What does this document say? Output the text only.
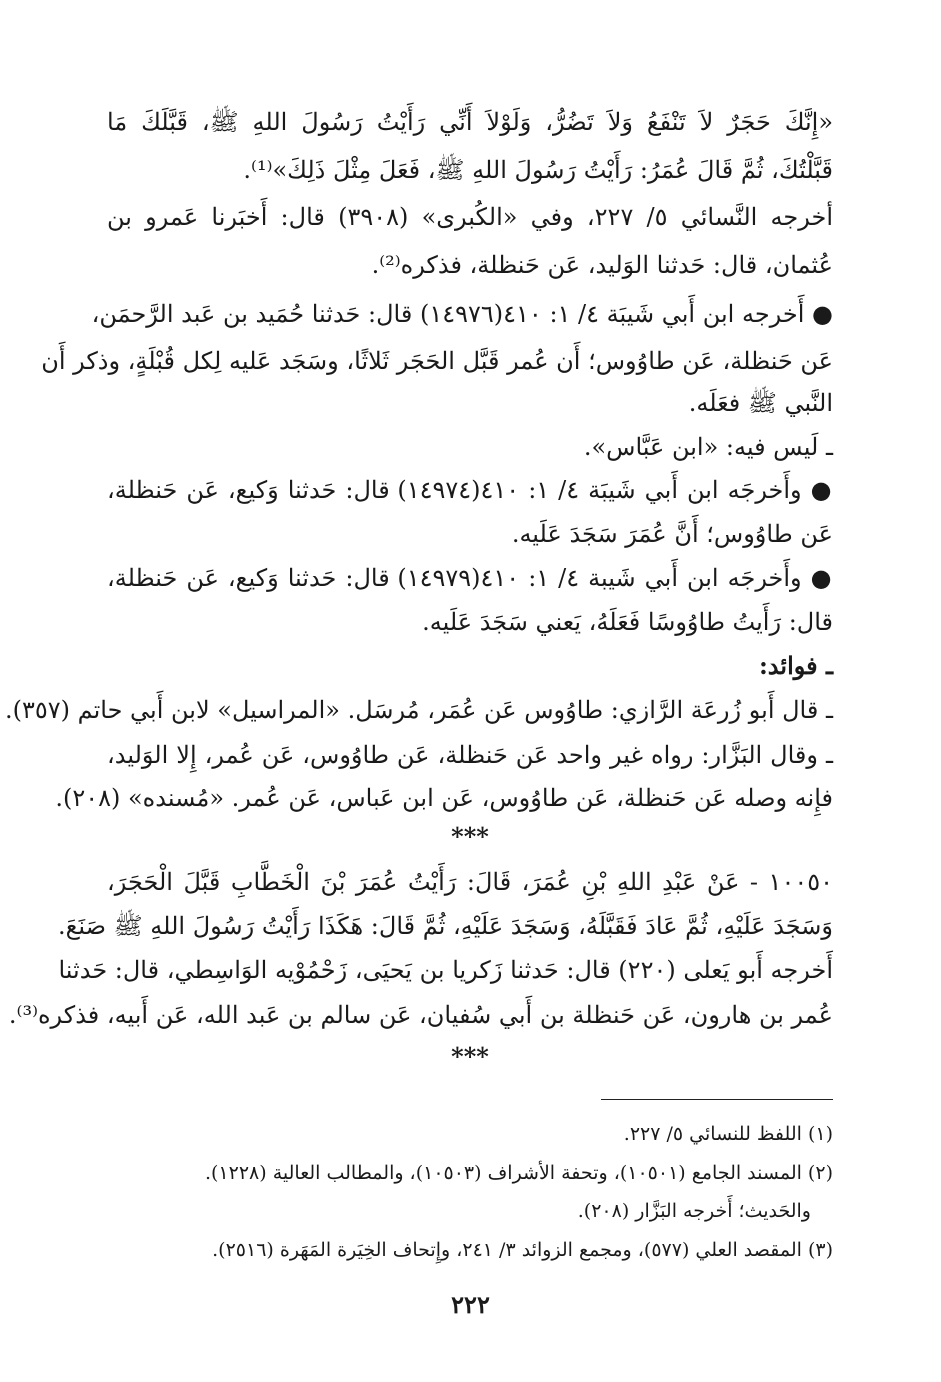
«إِنَّكَ حَجَرٌ لاَ تَنْفَعُ وَلاَ تَضُرُّ، وَلَوْلاَ أَنِّي رَأَيْتُ رَسُولَ اللهِ ﷺ، قَبَّلَكَ مَا
قَبَّلْتُكَ، ثُمَّ قَالَ عُمَرُ: رَأَيْتُ رَسُولَ اللهِ ﷺ، فَعَلَ مِثْلَ ذَلِكَ»⁽¹⁾.
أخرجه النَّسائي ٥/ ٢٢٧، وفي «الكُبرى» (٣٩٠٨) قال: أَخبَرنا عَمرو بن
عُثمان، قال: حَدثنا الوَليد، عَن حَنظلة، فذكره⁽²⁾.
● أَخرجه ابن أَبي شَيبَة ٤/ ١: ٤١٠(١٤٩٧٦) قال: حَدثنا حُمَيد بن عَبد الرَّحمَن،
عَن حَنظلة، عَن طاوُوس؛ أَن عُمر قَبَّل الحَجَر ثَلاثًا، وسَجَد عَليه لِكل قُبْلَةٍ، وذكر أَن
النَّبي ﷺ فعَلَه.
ـ لَيس فيه: «ابن عَبَّاس».
● وأَخرجَه ابن أَبي شَيبَة ٤/ ١: ٤١٠(١٤٩٧٤) قال: حَدثنا وَكيع، عَن حَنظلة،
عَن طاوُوس؛ أَنَّ عُمَرَ سَجَدَ عَلَيه.
● وأَخرجَه ابن أَبي شَيبة ٤/ ١: ٤١٠(١٤٩٧٩) قال: حَدثنا وَكيع، عَن حَنظلة،
قال: رَأَيتُ طاوُوسًا فَعَلَهُ، يَعني سَجَدَ عَلَيه.
ـ فوائد:
ـ قال أَبو زُرعَة الرَّازي: طاوُوس عَن عُمَر، مُرسَل. «المراسيل» لابن أَبي حاتم (٣٥٧).
ـ وقال البَزَّار: رواه غير واحد عَن حَنظلة، عَن طاوُوس، عَن عُمر، إِلا الوَليد،
فإِنه وصله عَن حَنظلة، عَن طاوُوس، عَن ابن عَباس، عَن عُمر. «مُسنده» (٢٠٨).
***
١٠٠٥٠ - عَنْ عَبْدِ اللهِ بْنِ عُمَرَ، قَالَ: رَأَيْتُ عُمَرَ بْنَ الْخَطَّابِ قَبَّلَ الْحَجَرَ،
وَسَجَدَ عَلَيْهِ، ثُمَّ عَادَ فَقَبَّلَهُ، وَسَجَدَ عَلَيْهِ، ثُمَّ قَالَ: هَكَذَا رَأَيْتُ رَسُولَ اللهِ ﷺ صَنَعَ.
أَخرجه أَبو يَعلى (٢٢٠) قال: حَدثنا زَكريا بن يَحيَى، زَحْمُوْيه الوَاسِطي، قال: حَدثنا
عُمر بن هارون، عَن حَنظلة بن أَبي سُفيان، عَن سالم بن عَبد الله، عَن أَبيه، فذكره⁽³⁾.
***
(١) اللفظ للنسائي ٥/ ٢٢٧.
(٢) المسند الجامع (١٠٥٠١)، وتحفة الأشراف (١٠٥٠٣)، والمطالب العالية (١٢٢٨).
والحَديث؛ أَخرجه البَزَّار (٢٠٨).
(٣) المقصد العلي (٥٧٧)، ومجمع الزوائد ٣/ ٢٤١، وإِتحاف الخِيَرة المَهَرة (٢٥١٦).
٢٢٢
